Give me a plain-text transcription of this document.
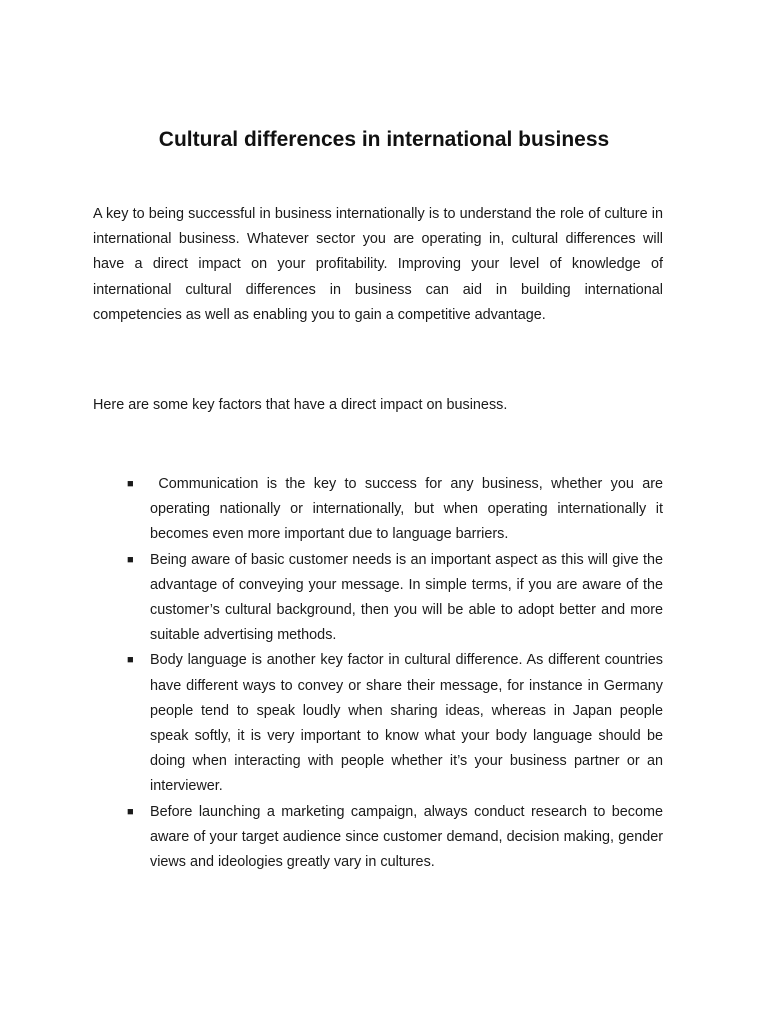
Cultural differences in international business

A key to being successful in business internationally is to understand the role of culture in international business. Whatever sector you are operating in, cultural differences will have a direct impact on your profitability. Improving your level of knowledge of international cultural differences in business can aid in building international competencies as well as enabling you to gain a competitive advantage.

Here are some key factors that have a direct impact on business.

■	Communication is the key to success for any business, whether you are operating nationally or internationally, but when operating internationally it becomes even more important due to language barriers.
■	Being aware of basic customer needs is an important aspect as this will give the advantage of conveying your message. In simple terms, if you are aware of the customer’s cultural background, then you will be able to adopt better and more suitable advertising methods.
■	Body language is another key factor in cultural difference. As different countries have different ways to convey or share their message, for instance in Germany people tend to speak loudly when sharing ideas, whereas in Japan people speak softly, it is very important to know what your body language should be doing when interacting with people whether it’s your business partner or an interviewer.
■	Before launching a marketing campaign, always conduct research to become aware of your target audience since customer demand, decision making, gender views and ideologies greatly vary in cultures.
